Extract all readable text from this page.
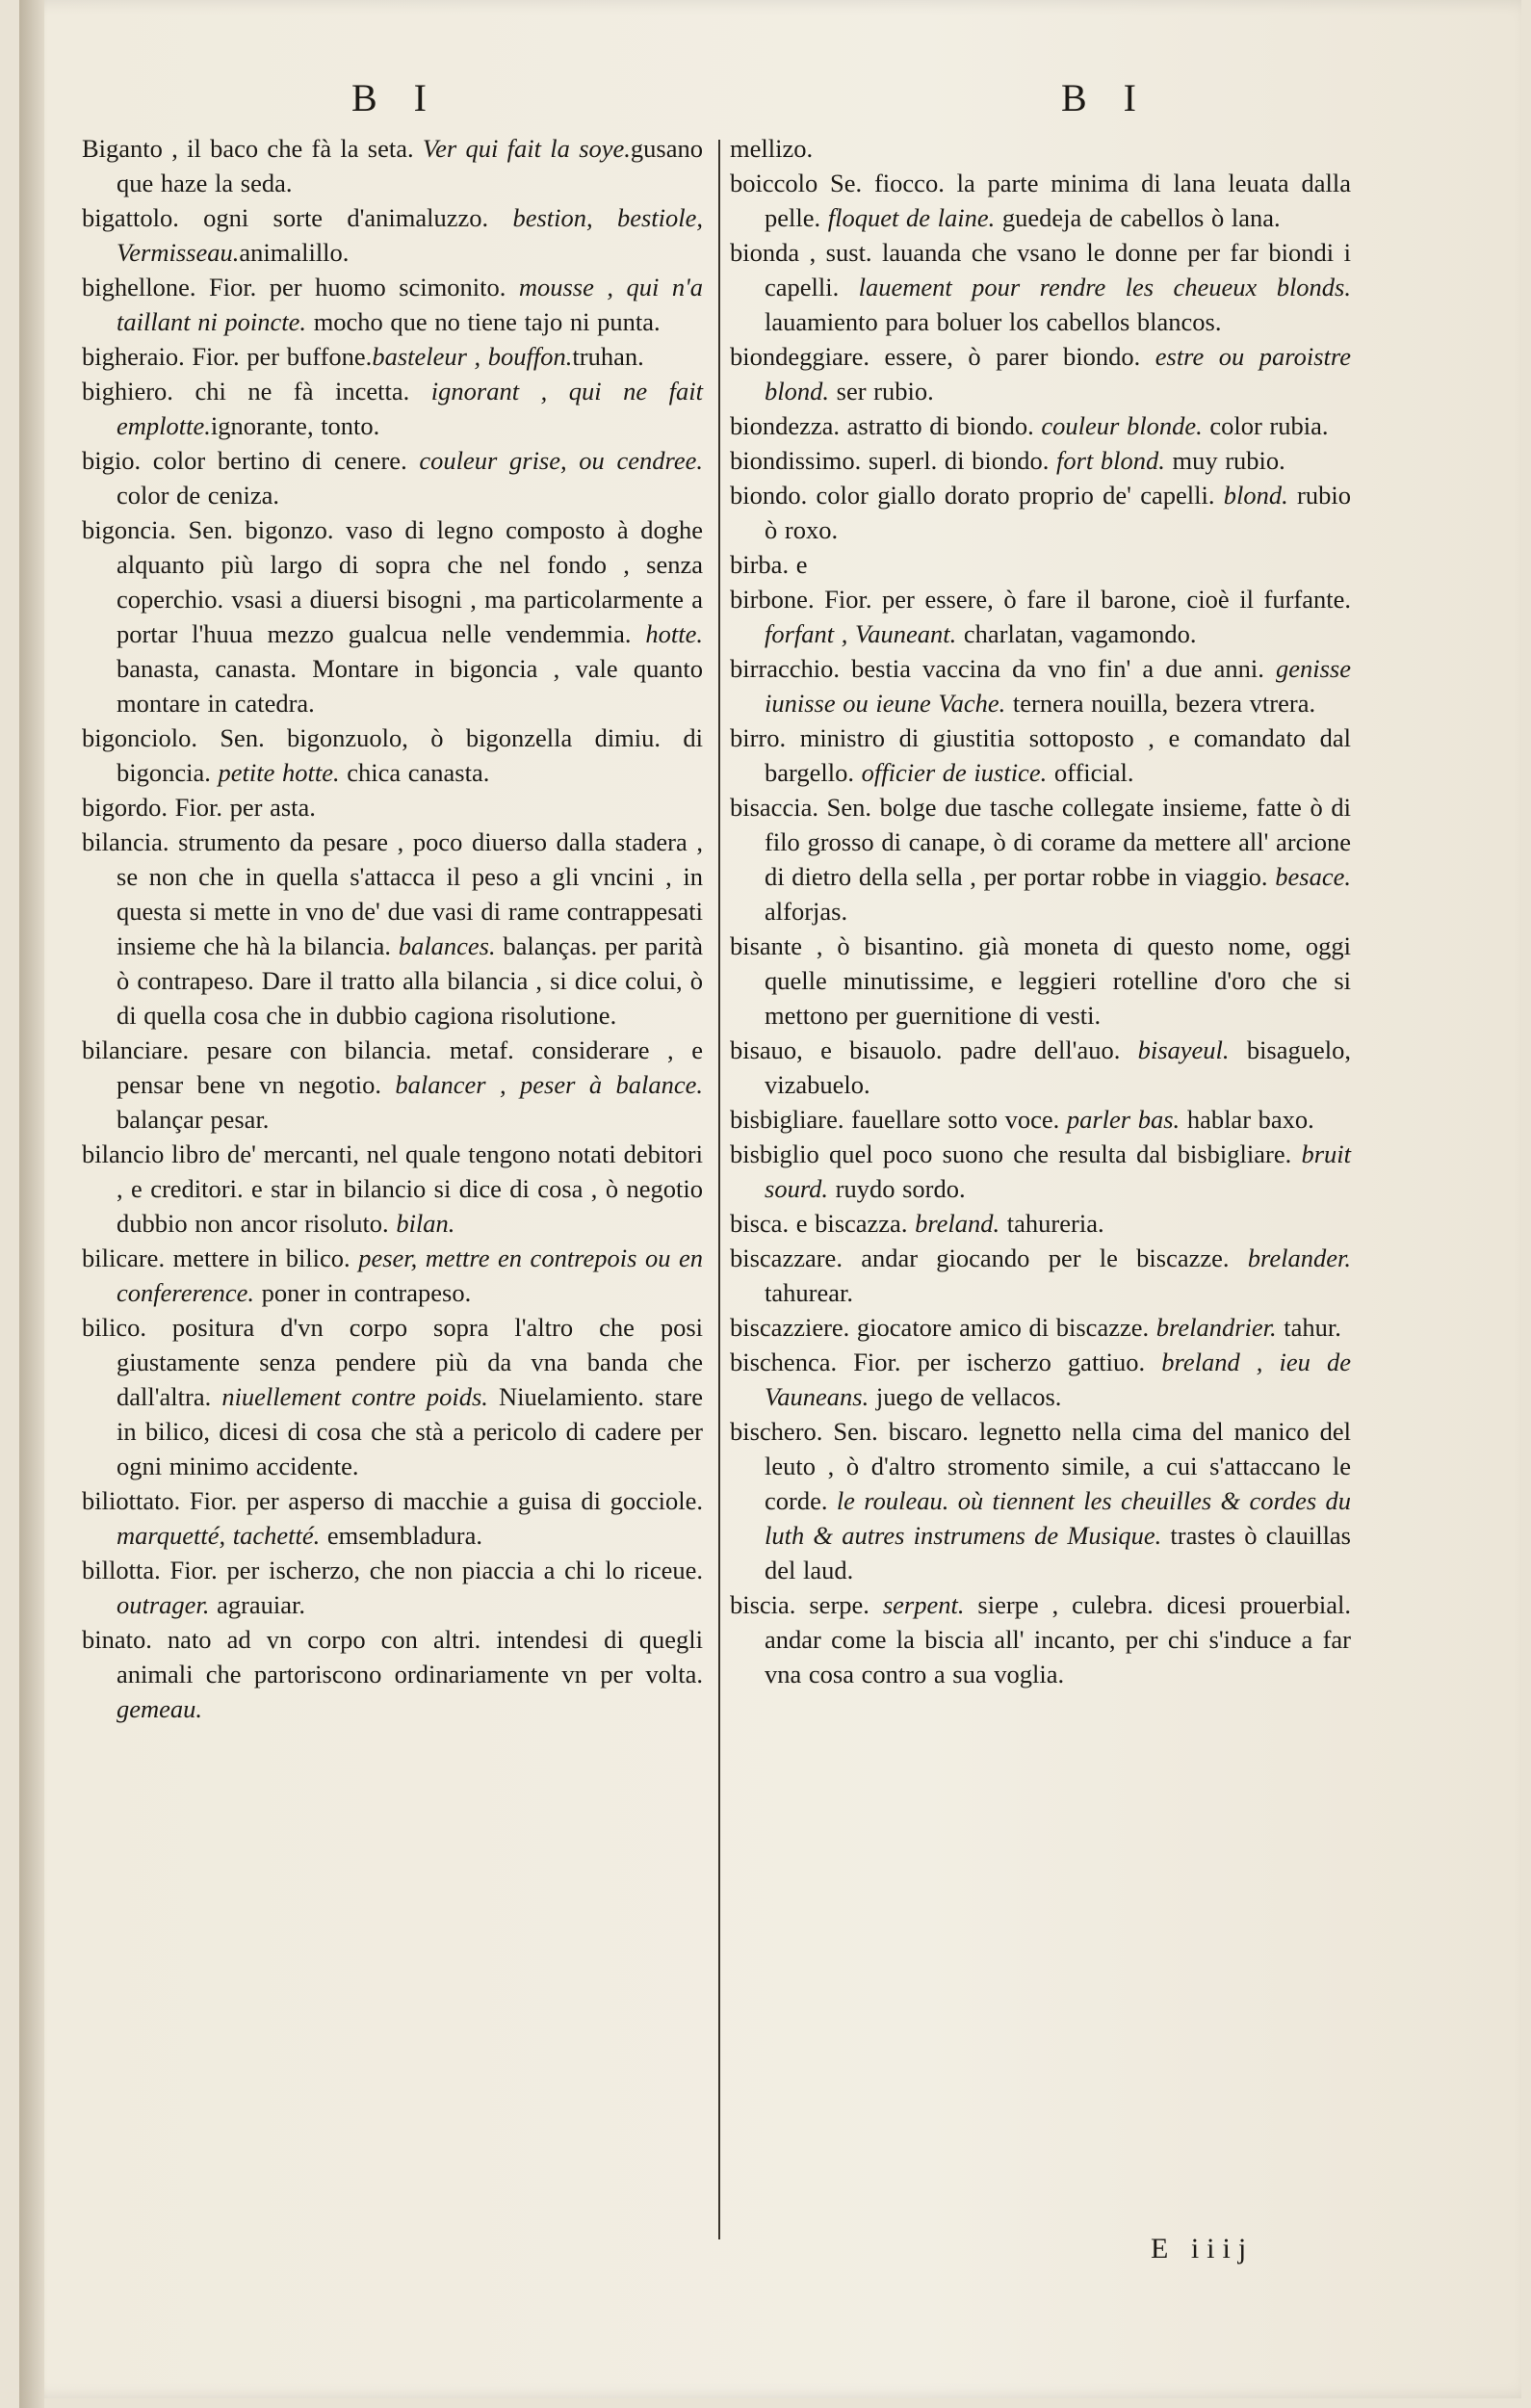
B I	B I

Biganto , il baco che fà la seta. Ver qui fait la soye.gusano que haze la seda.

bigattolo. ogni sorte d'animaluzzo. bestion, bestiole, Vermisseau.animalillo.

bighellone. Fior. per huomo scimonito. mousse , qui n'a taillant ni poincte. mocho que no tiene tajo ni punta.

bigheraio. Fior. per buffone.basteleur , bouffon.truhan.

bighiero. chi ne fà incetta. ignorant , qui ne fait emplotte.ignorante, tonto.

bigio. color bertino di cenere. couleur grise, ou cendree. color de ceniza.

bigoncia. Sen. bigonzo. vaso di legno composto à doghe alquanto più largo di sopra che nel fondo , senza coperchio. vsasi a diuersi bisogni , ma particolarmente a portar l'huua mezzo gualcua nelle vendemmia. hotte. banasta, canasta. Montare in bigoncia , vale quanto montare in catedra.

bigonciolo. Sen. bigonzuolo, ò bigonzella dimiu. di bigoncia. petite hotte. chica canasta.

bigordo. Fior. per asta.

bilancia. strumento da pesare , poco diuerso dalla stadera , se non che in quella s'attacca il peso a gli vncini , in questa si mette in vno de' due vasi di rame contrappesati insieme che hà la bilancia. balances. balanças. per parità ò contrapeso. Dare il tratto alla bilancia , si dice colui, ò di quella cosa che in dubbio cagiona risolutione.

bilanciare. pesare con bilancia. metaf. considerare , e pensar bene vn negotio. balancer , peser à balance. balançar pesar.

bilancio libro de' mercanti, nel quale tengono notati debitori , e creditori. e star in bilancio si dice di cosa , ò negotio dubbio non ancor risoluto. bilan.

bilicare. mettere in bilico. peser, mettre en contrepois ou en confererence. poner in contrapeso.

bilico. positura d'vn corpo sopra l'altro che posi giustamente senza pendere più da vna banda che dall'altra. niuellement contre poids. Niuelamiento. stare in bilico, dicesi di cosa che stà a pericolo di cadere per ogni minimo accidente.

biliottato. Fior. per asperso di macchie a guisa di gocciole. marquetté, tachetté. emsembladura.

billotta. Fior. per ischerzo, che non piaccia a chi lo riceue. outrager. agrauiar.

binato. nato ad vn corpo con altri. intendesi di quegli animali che partoriscono ordinariamente vn per volta. gemeau.

mellizo.

boiccolo Se. fiocco. la parte minima di lana leuata dalla pelle. floquet de laine. guedeja de cabellos ò lana.

bionda , sust. lauanda che vsano le donne per far biondi i capelli. lauement pour rendre les cheueux blonds. lauamiento para boluer los cabellos blancos.

biondeggiare. essere, ò parer biondo. estre ou paroistre blond. ser rubio.

biondezza. astratto di biondo. couleur blonde. color rubia.

biondissimo. superl. di biondo. fort blond. muy rubio.

biondo. color giallo dorato proprio de' capelli. blond. rubio ò roxo.

birba. e

birbone. Fior. per essere, ò fare il barone, cioè il furfante. forfant , Vauneant. charlatan, vagamondo.

birracchio. bestia vaccina da vno fin' a due anni. genisse iunisse ou ieune Vache. ternera nouilla, bezera vtrera.

birro. ministro di giustitia sottoposto , e comandato dal bargello. officier de iustice. official.

bisaccia. Sen. bolge due tasche collegate insieme, fatte ò di filo grosso di canape, ò di corame da mettere all' arcione di dietro della sella , per portar robbe in viaggio. besace. alforjas.

bisante , ò bisantino. già moneta di questo nome, oggi quelle minutissime, e leggieri rotelline d'oro che si mettono per guernitione di vesti.

bisauo, e bisauolo. padre dell'auo. bisayeul. bisaguelo, vizabuelo.

bisbigliare. fauellare sotto voce. parler bas. hablar baxo.

bisbiglio quel poco suono che resulta dal bisbigliare. bruit sourd. ruydo sordo.

bisca. e biscazza. breland. tahureria.

biscazzare. andar giocando per le biscazze. brelander. tahurear.

biscazziere. giocatore amico di biscazze. brelandrier. tahur.

bischenca. Fior. per ischerzo gattiuo. breland , ieu de Vauneans. juego de vellacos.

bischero. Sen. biscaro. legnetto nella cima del manico del leuto , ò d'altro stromento simile, a cui s'attaccano le corde. le rouleau. où tiennent les cheuilles & cordes du luth & autres instrumens de Musique. trastes ò clauillas del laud.

biscia. serpe. serpent. sierpe , culebra. dicesi prouerbial. andar come la biscia all' incanto, per chi s'induce a far vna cosa contro a sua voglia.

E iiij
